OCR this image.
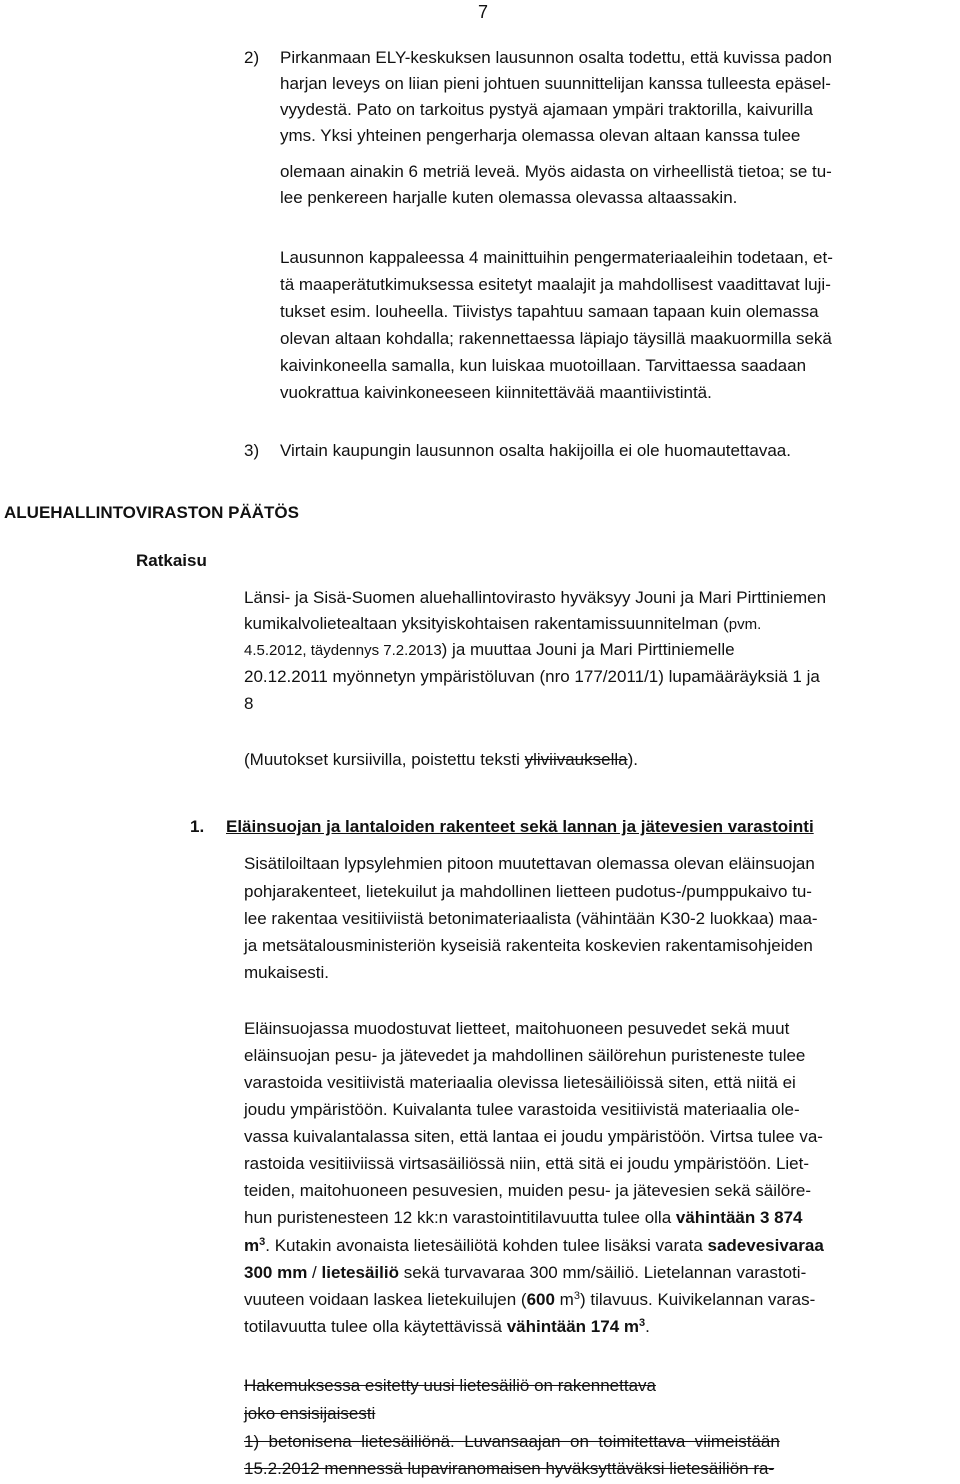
7
2) Pirkanmaan ELY-keskuksen lausunnon osalta todettu, että kuvissa padon
harjan leveys on liian pieni johtuen suunnittelijan kanssa tulleesta epäsel-
vyydestä. Pato on tarkoitus pystyä ajamaan ympäri traktorilla, kaivurilla
yms. Yksi yhteinen pengerharja olemassa olevan altaan kanssa tulee
olemaan ainakin 6 metriä leveä. Myös aidasta on virheellistä tietoa; se tu-
lee penkereen harjalle kuten olemassa olevassa altaassakin.
Lausunnon kappaleessa 4 mainittuihin pengermateriaaleihin todetaan, et-
tä maaperätutkimuksessa esitetyt maalajit ja mahdollisest vaadittavat luji-
tukset esim. louheella. Tiivistys tapahtuu samaan tapaan kuin olemassa
olevan altaan kohdalla; rakennettaessa läpiajo täysillä maakuormilla sekä
kaivinkoneella samalla, kun luiskaa muotoillaan. Tarvittaessa saadaan
vuokrattua kaivinkoneeseen kiinnitettävää maantiivistintä.
3) Virtain kaupungin lausunnon osalta hakijoilla ei ole huomautettavaa.
ALUEHALLINTOVIRASTON PÄÄTÖS
Ratkaisu
Länsi- ja Sisä-Suomen aluehallintovirasto hyväksyy Jouni ja Mari Pirttiniemen
kumikalvolietealtaan yksityiskohtaisen rakentamissuunnitelman (pvm.
4.5.2012, täydennys 7.2.2013) ja muuttaa Jouni ja Mari Pirttiniemelle
20.12.2011 myönnetyn ympäristöluvan (nro 177/2011/1) lupamääräyksiä 1 ja
8
(Muutokset kursiivilla, poistettu teksti yliviivauksella).
1. Eläinsuojan ja lantaloiden rakenteet sekä lannan ja jätevesien varastointi
Sisätiloiltaan lypsylehmien pitoon muutettavan olemassa olevan eläinsuojan
pohjarakenteet, lietekuilut ja mahdollinen lietteen pudotus-/pumppukaivo tu-
lee rakentaa vesitiiviistä betonimateriaalista (vähintään K30-2 luokkaa) maa-
ja metsätalousministeriön kyseisiä rakenteita koskevien rakentamisohjeiden
mukaisesti.
Eläinsuojassa muodostuvat lietteet, maitohuoneen pesuvedet sekä muut
eläinsuojan pesu- ja jätevedet ja mahdollinen säilörehun puristeneste tulee
varastoida vesitiivistä materiaalia olevissa lietesäiliöissä siten, että niitä ei
joudu ympäristöön. Kuivalanta tulee varastoida vesitiivistä materiaalia ole-
vassa kuivalantalassa siten, että lantaa ei joudu ympäristöön. Virtsa tulee va-
rastoida vesitiiviissä virtsasäiliössä niin, että sitä ei joudu ympäristöön. Liet-
teiden, maitohuoneen pesuvesien, muiden pesu- ja jätevesien sekä säilöre-
hun puristenesteen 12 kk:n varastointitilavuutta tulee olla vähintään 3 874
$m^3$. Kutakin avonaista lietesäiliötä kohden tulee lisäksi varata sadevesivaraa
300 mm / lietesäiliö sekä turvavaraa 300 mm/säiliö. Lietelannan varastoti-
vuuteen voidaan laskea lietekuilujen (600 $m^3$) tilavuus. Kuivikelannan varas-
totilavuutta tulee olla käytettävissä vähintään 174 $m^3$.
Hakemuksessa esitetty uusi lietesäiliö on rakennettava
joko ensisijaisesti
1)  betonisena  lietesäiliönä.  Luvansaajan  on  toimitettava  viimeistään
15.2.2012 mennessä lupaviranomaisen hyväksyttäväksi lietesäiliön ra-
